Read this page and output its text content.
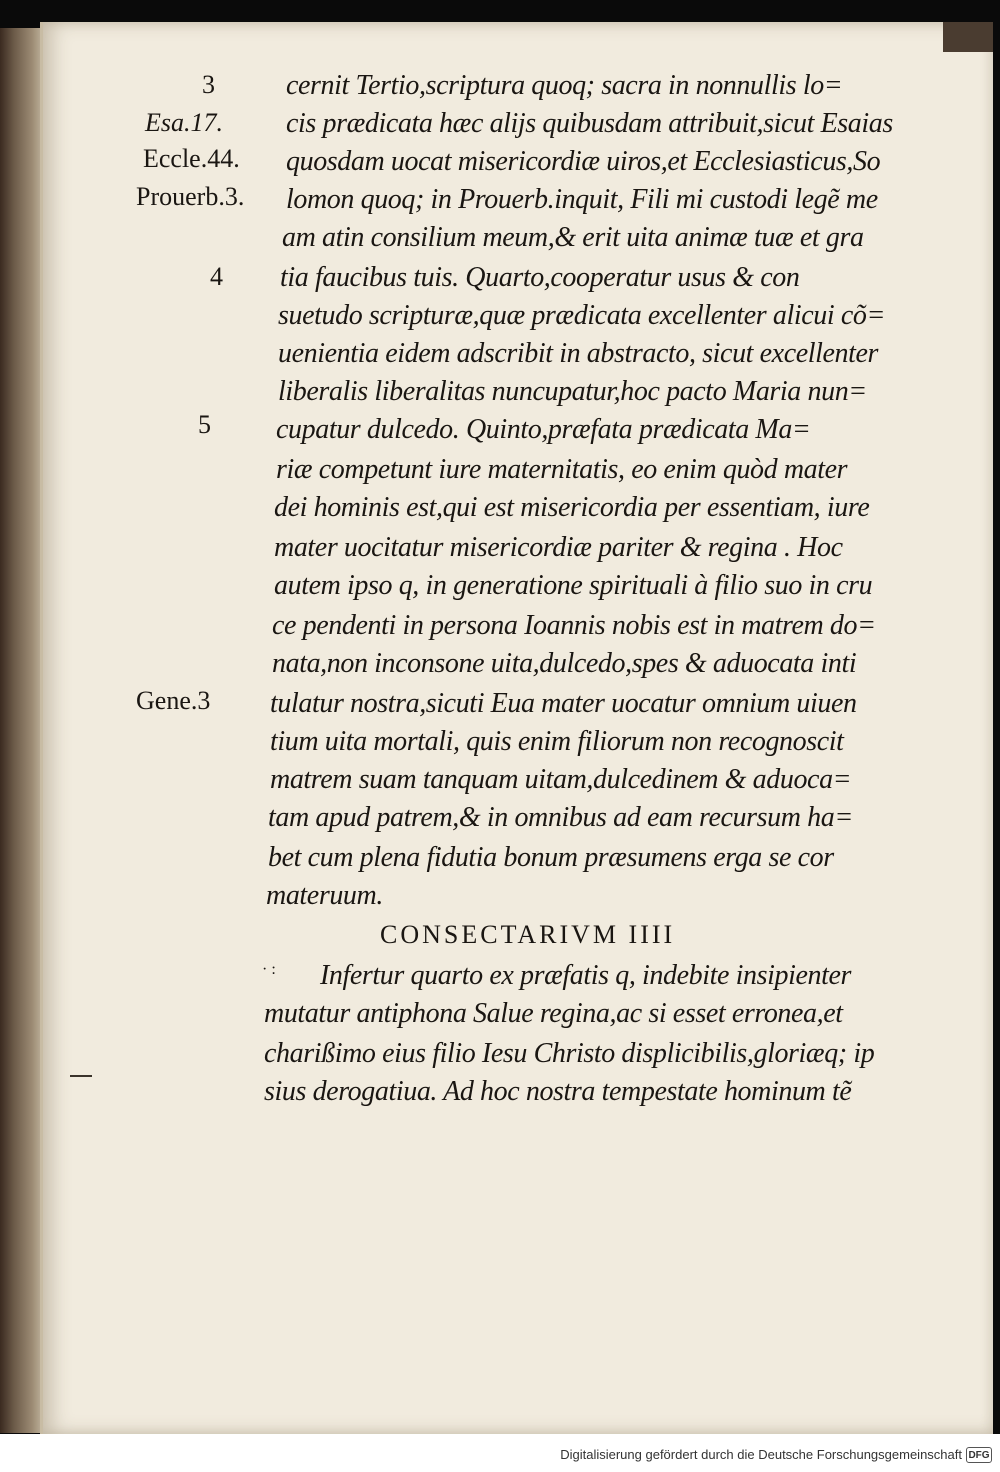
3
Esa.17.
Eccle.44.
Prouerb.3.
4
5
Gene.3
cernit Tertio,scriptura quoq; sacra in nonnullis lo=
cis prædicata hæc alijs quibusdam attribuit,sicut Esaias
quosdam uocat misericordiæ uiros,et Ecclesiasticus,So
lomon quoq; in Prouerb.inquit, Fili mi custodi legẽ me
am atin consilium meum,& erit uita animæ tuæ et gra
tia faucibus tuis. Quarto,cooperatur usus & con
suetudo scripturæ,quæ prædicata excellenter alicui cõ=
uenientia eidem adscribit in abstracto, sicut excellenter
liberalis liberalitas nuncupatur,hoc pacto Maria nun=
cupatur dulcedo. Quinto,præfata prædicata Ma=
riæ competunt iure maternitatis, eo enim quòd mater
dei hominis est,qui est misericordia per essentiam, iure
mater uocitatur misericordiæ pariter & regina . Hoc
autem ipso q, in generatione spirituali à filio suo in cru
ce pendenti in persona Ioannis nobis est in matrem do=
nata,non inconsone uita,dulcedo,spes & aduocata inti
tulatur nostra,sicuti Eua mater uocatur omnium uiuen
tium uita mortali, quis enim filiorum non recognoscit
matrem suam tanquam uitam,dulcedinem & aduoca=
tam apud patrem,& in omnibus ad eam recursum ha=
bet cum plena fidutia bonum præsumens erga se cor
materuum.
CONSECTARIVM IIII
· : Infertur quarto ex præfatis q, indebite insipienter
mutatur antiphona Salue regina,ac si esset erronea,et
charißimo eius filio Iesu Christo displicibilis,gloriæq; ip
sius derogatiua. Ad hoc nostra tempestate hominum tẽ
Digitalisierung gefördert durch die Deutsche Forschungsgemeinschaft DFG
